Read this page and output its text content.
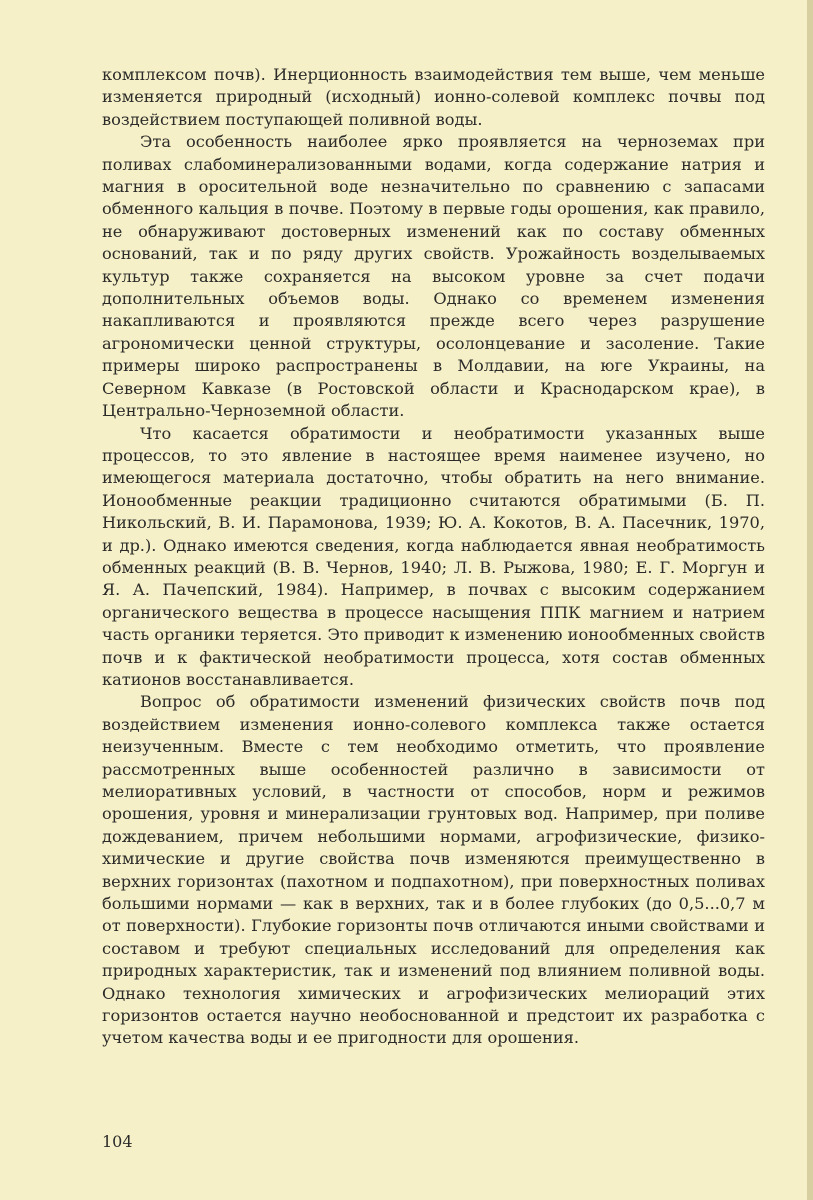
комплексом почв). Инерционность взаимодействия тем выше, чем меньше изменяется природный (исходный) ионно-солевой комплекс почвы под воздействием поступающей поливной воды.

Эта особенность наиболее ярко проявляется на черноземах при поливах слабоминерализованными водами, когда содержание натрия и магния в оросительной воде незначительно по сравнению с запасами обменного кальция в почве. Поэтому в первые годы орошения, как правило, не обнаруживают достоверных изменений как по составу обменных оснований, так и по ряду других свойств. Урожайность возделываемых культур также сохраняется на высоком уровне за счет подачи дополнительных объемов воды. Однако со временем изменения накапливаются и проявляются прежде всего через разрушение агрономически ценной структуры, осолонцевание и засоление. Такие примеры широко распространены в Молдавии, на юге Украины, на Северном Кавказе (в Ростовской области и Краснодарском крае), в Центрально-Черноземной области.

Что касается обратимости и необратимости указанных выше процессов, то это явление в настоящее время наименее изучено, но имеющегося материала достаточно, чтобы обратить на него внимание. Ионообменные реакции традиционно считаются обратимыми (Б. П. Никольский, В. И. Парамонова, 1939; Ю. А. Кокотов, В. А. Пасечник, 1970, и др.). Однако имеются сведения, когда наблюдается явная необратимость обменных реакций (В. В. Чернов, 1940; Л. В. Рыжова, 1980; Е. Г. Моргун и Я. А. Пачепский, 1984). Например, в почвах с высоким содержанием органического вещества в процессе насыщения ППК магнием и натрием часть органики теряется. Это приводит к изменению ионообменных свойств почв и к фактической необратимости процесса, хотя состав обменных катионов восстанавливается.

Вопрос об обратимости изменений физических свойств почв под воздействием изменения ионно-солевого комплекса также остается неизученным. Вместе с тем необходимо отметить, что проявление рассмотренных выше особенностей различно в зависимости от мелиоративных условий, в частности от способов, норм и режимов орошения, уровня и минерализации грунтовых вод. Например, при поливе дождеванием, причем небольшими нормами, агрофизические, физико-химические и другие свойства почв изменяются преимущественно в верхних горизонтах (пахотном и подпахотном), при поверхностных поливах большими нормами — как в верхних, так и в более глубоких (до 0,5...0,7 м от поверхности). Глубокие горизонты почв отличаются иными свойствами и составом и требуют специальных исследований для определения как природных характеристик, так и изменений под влиянием поливной воды. Однако технология химических и агрофизических мелиораций этих горизонтов остается научно необоснованной и предстоит их разработка с учетом качества воды и ее пригодности для орошения.

104
